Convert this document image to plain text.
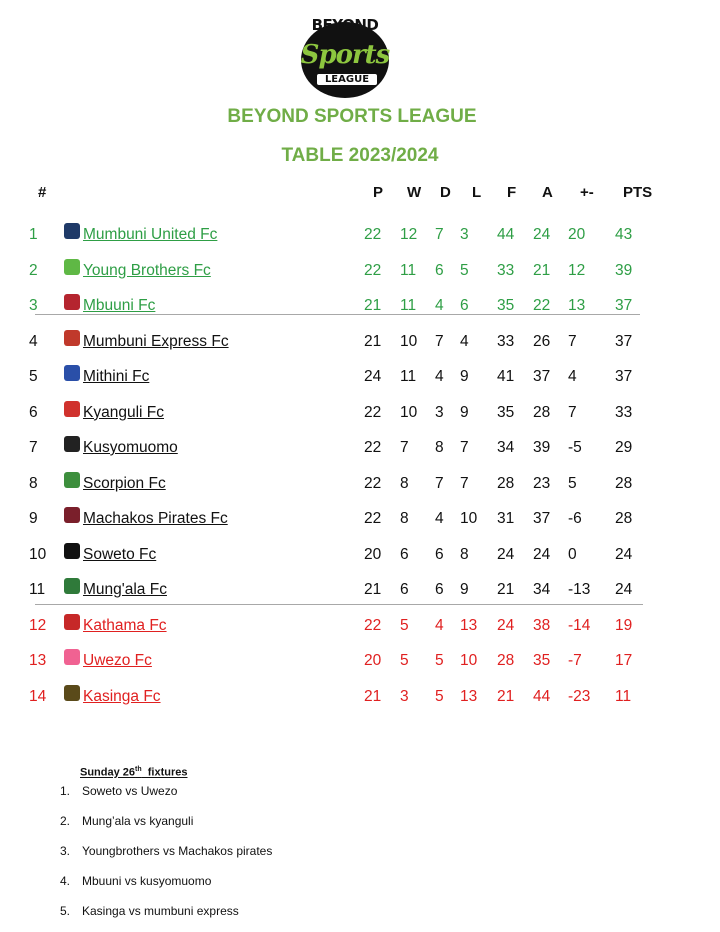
BEYOND
Sports
LEAGUE
BEYOND SPORTS LEAGUE
TABLE 2023/2024
#	P W D L F A +- PTS
1	Mumbuni United Fc	22 12 7 3 44 24 20 43
2	Young Brothers Fc	22 11 6 5 33 21 12 39
3	Mbuuni Fc	21 11 4 6 35 22 13 37
4	Mumbuni Express Fc	21 10 7 4 33 26 7 37
5	Mithini Fc	24 11 4 9 41 37 4 37
6	Kyanguli Fc	22 10 3 9 35 28 7 33
7	Kusyomuomo	22 7 8 7 34 39 -5 29
8	Scorpion Fc	22 8 7 7 28 23 5 28
9	Machakos Pirates Fc	22 8 4 10 31 37 -6 28
10 Soweto Fc	20 6 6 8 24 24 0 24
11 Mung'ala Fc	21 6 6 9 21 34 -13 24
12 Kathama Fc	22 5 4 13 24 38 -14 19
13 Uwezo Fc	20 5 5 10 28 35 -7 17
14 Kasinga Fc	21 3 5 13 21 44 -23 11
Sunday 26th  fixtures
1. Soweto vs Uwezo
2. Mung’ala vs kyanguli
3. Youngbrothers vs Machakos pirates
4. Mbuuni vs kusyomuomo
5. Kasinga vs mumbuni express
